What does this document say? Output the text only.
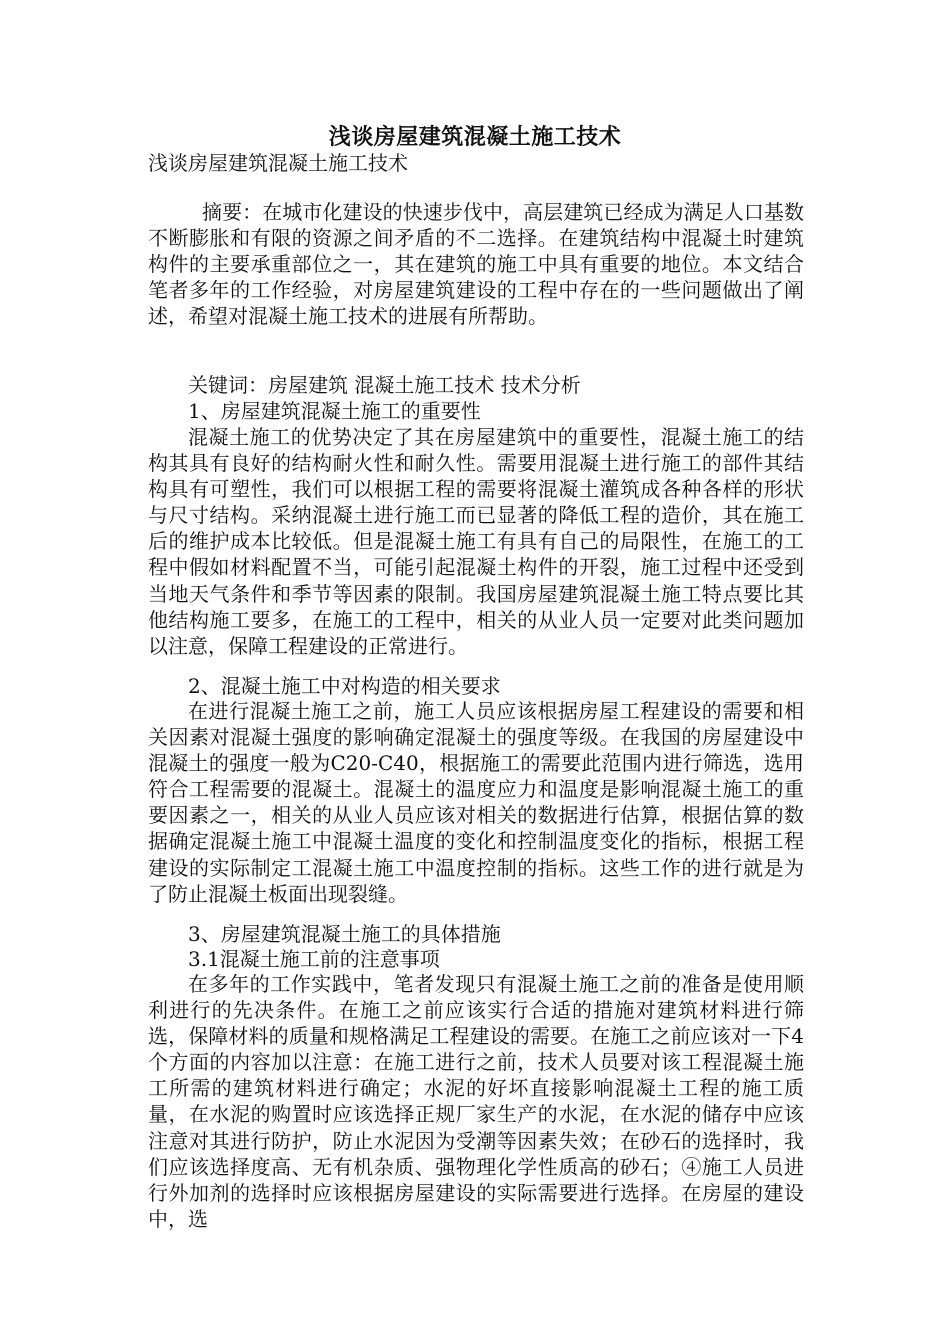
浅谈房屋建筑混凝土施工技术
浅谈房屋建筑混凝土施工技术
摘要：在城市化建设的快速步伐中，高层建筑已经成为满足人口基数不断膨胀和有限的资源之间矛盾的不二选择。在建筑结构中混凝土时建筑构件的主要承重部位之一，其在建筑的施工中具有重要的地位。本文结合笔者多年的工作经验，对房屋建筑建设的工程中存在的一些问题做出了阐述，希望对混凝土施工技术的进展有所帮助。
关键词：房屋建筑 混凝土施工技术 技术分析
1、房屋建筑混凝土施工的重要性
混凝土施工的优势决定了其在房屋建筑中的重要性，混凝土施工的结构其具有良好的结构耐火性和耐久性。需要用混凝土进行施工的部件其结构具有可塑性，我们可以根据工程的需要将混凝土灌筑成各种各样的形状与尺寸结构。采纳混凝土进行施工而已显著的降低工程的造价，其在施工后的维护成本比较低。但是混凝土施工有具有自己的局限性，在施工的工程中假如材料配置不当，可能引起混凝土构件的开裂，施工过程中还受到当地天气条件和季节等因素的限制。我国房屋建筑混凝土施工特点要比其他结构施工要多，在施工的工程中，相关的从业人员一定要对此类问题加以注意，保障工程建设的正常进行。
2、混凝土施工中对构造的相关要求
在进行混凝土施工之前，施工人员应该根据房屋工程建设的需要和相关因素对混凝土强度的影响确定混凝土的强度等级。在我国的房屋建设中混凝土的强度一般为C20-C40，根据施工的需要此范围内进行筛选，选用符合工程需要的混凝土。混凝土的温度应力和温度是影响混凝土施工的重要因素之一，相关的从业人员应该对相关的数据进行估算，根据估算的数据确定混凝土施工中混凝土温度的变化和控制温度变化的指标，根据工程建设的实际制定工混凝土施工中温度控制的指标。这些工作的进行就是为了防止混凝土板面出现裂缝。
3、房屋建筑混凝土施工的具体措施
3.1混凝土施工前的注意事项
在多年的工作实践中，笔者发现只有混凝土施工之前的准备是使用顺利进行的先决条件。在施工之前应该实行合适的措施对建筑材料进行筛选，保障材料的质量和规格满足工程建设的需要。在施工之前应该对一下4个方面的内容加以注意：在施工进行之前，技术人员要对该工程混凝土施工所需的建筑材料进行确定；水泥的好坏直接影响混凝土工程的施工质量，在水泥的购置时应该选择正规厂家生产的水泥，在水泥的储存中应该注意对其进行防护，防止水泥因为受潮等因素失效；在砂石的选择时，我们应该选择度高、无有机杂质、强物理化学性质高的砂石；④施工人员进行外加剂的选择时应该根据房屋建设的实际需要进行选择。在房屋的建设中，选
